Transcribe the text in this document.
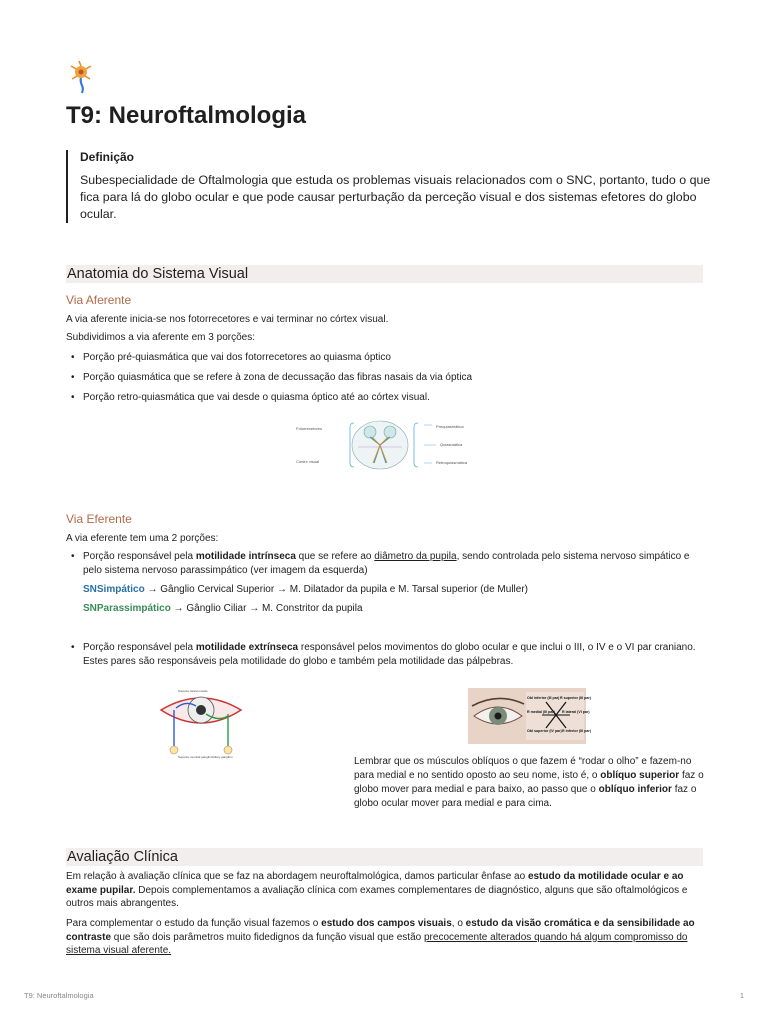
T9: Neuroftalmologia
Definição

Subespecialidade de Oftalmologia que estuda os problemas visuais relacionados com o SNC, portanto, tudo o que fica para lá do globo ocular e que pode causar perturbação da perceção visual e dos sistemas efetores do globo ocular.

Anatomia do Sistema Visual
Via Aferente

A via aferente inicia-se nos fotorrecetores e vai terminar no córtex visual.

Subdividimos a via aferente em 3 porções:

• Porção pré-quiasmática que vai dos fotorrecetores ao quiasma óptico
• Porção quiasmática que se refere à zona de decussação das fibras nasais da via óptica
• Porção retro-quiasmática que vai desde o quiasma óptico até ao córtex visual.
Fotorrecetores
Córtex visual
Préquiasmática
Quiasmática
Retroquiasmática
Via Eferente

A via eferente tem uma 2 porções:

• Porção responsável pela motilidade intrínseca que se refere ao diâmetro da pupila, sendo controlada pelo sistema nervoso simpático e pelo sistema nervoso parassimpático (ver imagem da esquerda)
SNSimpático → Gânglio Cervical Superior → M. Dilatador da pupila e M. Tarsal superior (de Muller)
SNParassimpático → Gânglio Ciliar → M. Constritor da pupila
• Porção responsável pela motilidade extrínseca responsável pelos movimentos do globo ocular e que inclui o III, o IV e o VI par craniano. Estes pares são responsáveis pela motilidade do globo e também pela motilidade das pálpebras.
Superior tarsal muscle
Superior cervical ganglion Ciliary ganglion
Obl inferior (III par) R superior (III par)
R medial (III par) R lateral (VI par)
Obl superior (IV par) R inferior (III par)

Lembrar que os músculos oblíquos o que fazem é “rodar o olho” e fazem-no para medial e no sentido oposto ao seu nome, isto é, o oblíquo superior faz o globo mover para medial e para baixo, ao passo que o oblíquo inferior faz o globo ocular mover para medial e para cima.

Avaliação Clínica

Em relação à avaliação clínica que se faz na abordagem neuroftalmológica, damos particular ênfase ao estudo da motilidade ocular e ao exame pupilar. Depois complementamos a avaliação clínica com exames complementares de diagnóstico, alguns que são oftalmológicos e outros mais abrangentes.

Para complementar o estudo da função visual fazemos o estudo dos campos visuais, o estudo da visão cromática e da sensibilidade ao contraste que são dois parâmetros muito fidedignos da função visual que estão precocemente alterados quando há algum compromisso do sistema visual aferente.

T9: Neuroftalmologia	1
